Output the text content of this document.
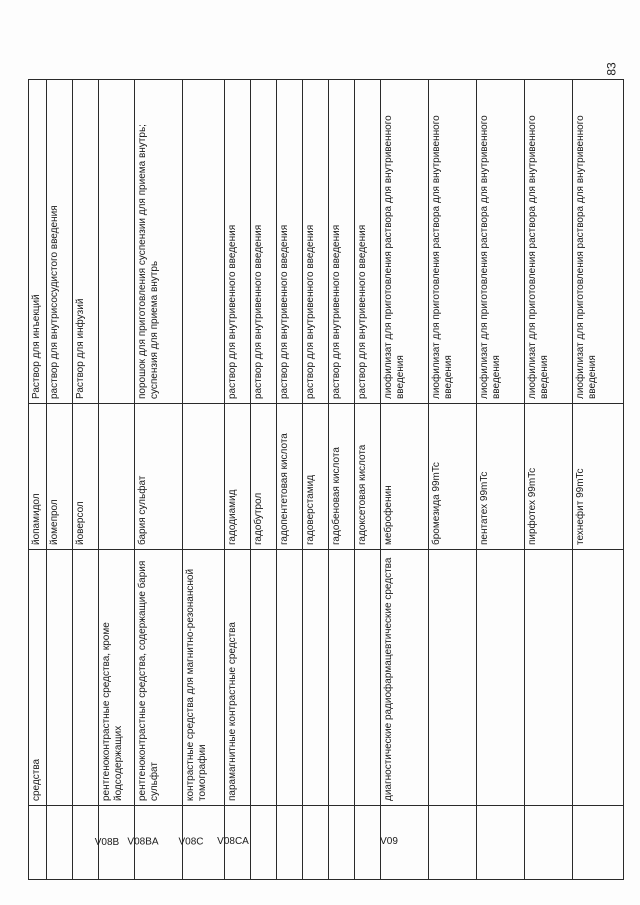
83
	средства	йопамидол	Раствор для инъекций
		йомепрол	раствор для внутрисосудистого введения
		йоверсол	Раствор для инфузий
V08B	рентгеноконтрастные средства, кроме йодсодержащих		
V08BA	рентгеноконтрастные средства, содержащие бария сульфат	бария сульфат	порошок для приготовления суспензии для приема внутрь; суспензия для приема внутрь
V08C	контрастные средства для магнитно-резонансной томографии		
V08CA	парамагнитные контрастные средства	гадодиамид	раствор для внутривенного введения
		гадобутрол	раствор для внутривенного введения
		гадопентетовая кислота	раствор для внутривенного введения
		гадоверстамид	раствор для внутривенного введения
		гадобеновая кислота	раствор для внутривенного введения
		гадоксетовая кислота	раствор для внутривенного введения
V09	диагностические радиофармацевтические средства	меброфенин	лиофилизат для приготовления раствора для внутривенного введения
		бромезида 99mTc	лиофилизат для приготовления раствора для внутривенного введения
		пентатех 99mTc	лиофилизат для приготовления раствора для внутривенного введения
		пирфотех 99mTc	лиофилизат для приготовления раствора для внутривенного введения
		технефит 99mTc	лиофилизат для приготовления раствора для внутривенного введения
